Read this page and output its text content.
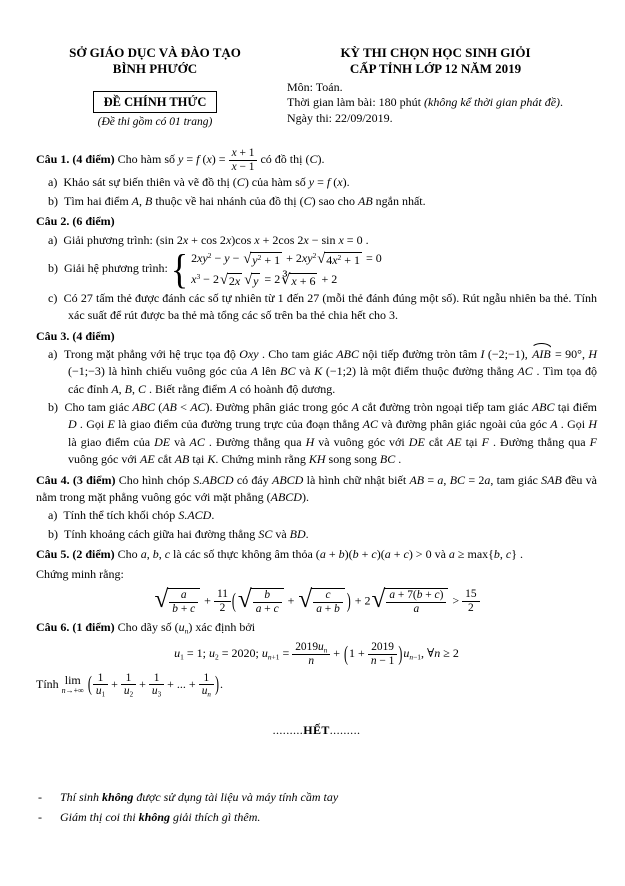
SỞ GIÁO DỤC VÀ ĐÀO TẠO
BÌNH PHƯỚC
ĐỀ CHÍNH THỨC
(Đề thi gồm có 01 trang)
KỲ THI CHỌN HỌC SINH GIỎI
CẤP TỈNH LỚP 12 NĂM 2019
Môn: Toán.
Thời gian làm bài: 180 phút (không kể thời gian phát đề).
Ngày thi: 22/09/2019.

Câu 1. (4 điểm) Cho hàm số y = f $(x) = \frac{x + 1}{x - 1}$ có đồ thị (C).

a)  Khảo sát sự biến thiên và vẽ đồ thị (C) của hàm số y = f (x).

b)  Tìm hai điểm A, B thuộc về hai nhánh của đồ thị (C) sao cho AB ngắn nhất.

Câu 2. (6 điểm)

a)  Giải phương trình: (sin 2x + cos 2x)cos x + 2cos 2x − sin x = 0 .

b)  Giải hệ phương trình: { $2xy^2 - y$ − √ $y^2 + 1 + 2xy^2$ √ $4x^2 + 1 = 0$
$x^3 - 2$ √ 2x √ y = 2 ∛ x + 6 + 2

c)  Có 27 tấm thẻ được đánh các số tự nhiên từ 1 đến 27 (mỗi thẻ đánh đúng một số). Rút ngẫu nhiên ba thẻ. Tính xác suất để rút được ba thẻ mà tổng các số trên ba thẻ chia hết cho 3.

Câu 3. (4 điểm)

a)  Trong mặt phẳng với hệ trục tọa độ Oxy . Cho tam giác ABC nội tiếp đường tròn tâm I (−2;−1), AIB = 90°, H (−1;−3) là hình chiếu vuông góc của A lên BC và K (−1;2) là một điểm thuộc đường thẳng AC . Tìm tọa độ các đỉnh A, B, C . Biết rằng điểm A có hoành độ dương.

b)  Cho tam giác ABC (AB < AC). Đường phân giác trong góc A cắt đường tròn ngoại tiếp tam giác ABC tại điểm D . Gọi E là giao điểm của đường trung trực của đoạn thẳng AC và đường phân giác ngoài của góc A . Gọi H là giao điểm của DE và AC . Đường thẳng qua H và vuông góc với DE cắt AE tại F . Đường thẳng qua F vuông góc với AE cắt AB tại K. Chứng minh rằng KH song song BC .

Câu 4. (3 điểm) Cho hình chóp S.ABCD có đáy ABCD là hình chữ nhật biết AB = a, BC = 2a, tam giác SAB đều và nằm trong mặt phẳng vuông góc với mặt phẳng (ABCD).

a)  Tính thể tích khối chóp S.ACD.

b)  Tính khoảng cách giữa hai đường thẳng SC và BD.

Câu 5. (2 điểm) Cho a, b, c là các số thực không âm thỏa (a + b)(b + c)(a + c) > 0 và a ≥ max{b, c} .

Chứng minh rằng:

√ $\frac{a}{b + c} + \frac{11}{2}$ ( √ $\frac{b}{a + c}$ + √ $\frac{c}{a + b}$ ) + 2 √ $\frac{a + 7(b + c)}{a} > \frac{15}{2}$

Câu 6. (1 điểm) Cho dãy số $(u_n)$ xác định bởi

$u_1 = 1$; $u_2 = 2020$; $u_{n+1} = \frac{2019u_n}{n} + (1 + \frac{2019}{n - 1} )u_{n-1}$, ∀n ≥ 2

Tính lim
n→+∞ ( $\frac{1}{u_1} + \frac{1}{u_2} + \frac{1}{u_3}$ + ... + $\frac{1}{u_n}$ ).

.........HẾT.........

-      Thí sinh không được sử dụng tài liệu và máy tính cầm tay

-      Giám thị coi thi không giải thích gì thêm.
